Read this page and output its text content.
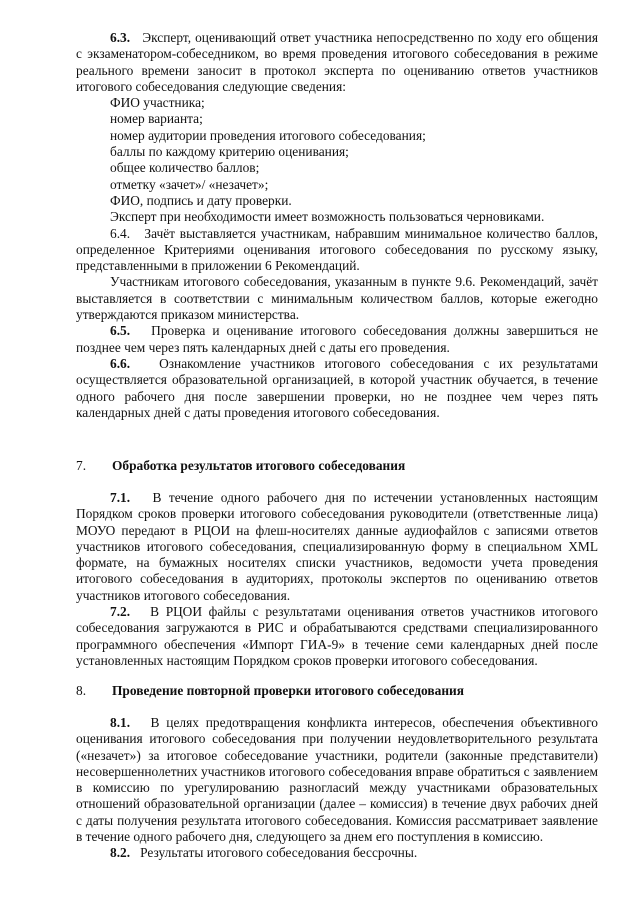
6.3. Эксперт, оценивающий ответ участника непосредственно по ходу его общения с экзаменатором-собеседником, во время проведения итогового собеседования в режиме реального времени заносит в протокол эксперта по оцениванию ответов участников итогового собеседования следующие сведения:

ФИО участника;
номер варианта;
номер аудитории проведения итогового собеседования;
баллы по каждому критерию оценивания;
общее количество баллов;
отметку «зачет»/ «незачет»;
ФИО, подпись и дату проверки.
Эксперт при необходимости имеет возможность пользоваться черновиками.

6.4. Зачёт выставляется участникам, набравшим минимальное количество баллов, определенное Критериями оценивания итогового собеседования по русскому языку, представленными в приложении 6 Рекомендаций.

Участникам итогового собеседования, указанным в пункте 9.6. Рекомендаций, зачёт выставляется в соответствии с минимальным количеством баллов, которые ежегодно утверждаются приказом министерства.

6.5. Проверка и оценивание итогового собеседования должны завершиться не позднее чем через пять календарных дней с даты его проведения.

6.6. Ознакомление участников итогового собеседования с их результатами осуществляется образовательной организацией, в которой участник обучается, в течение одного рабочего дня после завершении проверки, но не позднее чем через пять календарных дней с даты проведения итогового собеседования.

7. Обработка результатов итогового собеседования

7.1. В течение одного рабочего дня по истечении установленных настоящим Порядком сроков проверки итогового собеседования руководители (ответственные лица) МОУО передают в РЦОИ на флеш-носителях данные аудиофайлов с записями ответов участников итогового собеседования, специализированную форму в специальном XML формате, на бумажных носителях списки участников, ведомости учета проведения итогового собеседования в аудиториях, протоколы экспертов по оцениванию ответов участников итогового собеседования.

7.2. В РЦОИ файлы с результатами оценивания ответов участников итогового собеседования загружаются в РИС и обрабатываются средствами специализированного программного обеспечения «Импорт ГИА-9» в течение семи календарных дней после установленных настоящим Порядком сроков проверки итогового собеседования.

8. Проведение повторной проверки итогового собеседования

8.1. В целях предотвращения конфликта интересов, обеспечения объективного оценивания итогового собеседования при получении неудовлетворительного результата («незачет») за итоговое собеседование участники, родители (законные представители) несовершеннолетних участников итогового собеседования вправе обратиться с заявлением в комиссию по урегулированию разногласий между участниками образовательных отношений образовательной организации (далее – комиссия) в течение двух рабочих дней с даты получения результата итогового собеседования. Комиссия рассматривает заявление в течение одного рабочего дня, следующего за днем его поступления в комиссию.

8.2. Результаты итогового собеседования бессрочны.
